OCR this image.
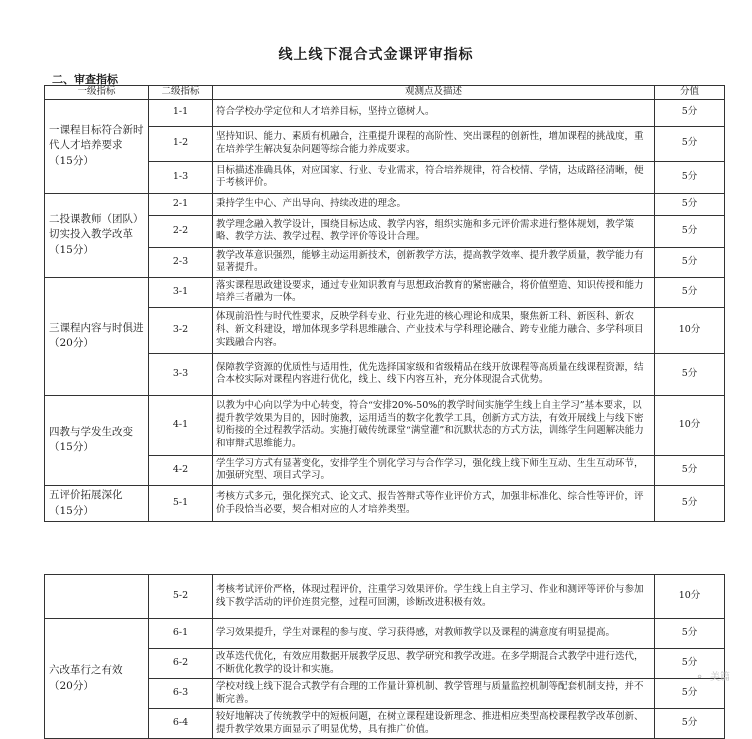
线上线下混合式金课评审指标
二、审查指标
一级指标	二级指标	观测点及描述	分值
一课程目标符合新时代人才培养要求（15分）	1-1	符合学校办学定位和人才培养目标，坚持立德树人。	5分
	1-2	坚持知识、能力、素质有机融合，注重提升课程的高阶性、突出课程的创新性，增加课程的挑战度，重在培养学生解决复杂问题等综合能力养成要求。	5分
	1-3	目标描述准确具体，对应国家、行业、专业需求，符合培养规律，符合校情、学情，达成路径清晰，便于考核评价。	5分
二投课教师（团队）切实投入教学改革（15分）	2-1	秉持学生中心、产出导向、持续改进的理念。	5分
	2-2	教学理念融入教学设计，围绕目标达成、教学内容，组织实施和多元评价需求进行整体规划，教学策略、教学方法、教学过程、教学评价等设计合理。	5分
	2-3	教学改革意识强烈，能够主动运用新技术，创新教学方法，提高教学效率、提升教学质量，教学能力有显著提升。	5分
三课程内容与时俱进（20分）	3-1	落实课程思政建设要求，通过专业知识教育与思想政治教育的紧密融合，将价值塑造、知识传授和能力培养三者融为一体。	5分
	3-2	体现前沿性与时代性要求，反映学科专业、行业先进的核心理论和成果，聚焦新工科、新医科、新农科、新文科建设，增加体现多学科思维融合、产业技术与学科理论融合、跨专业能力融合、多学科项目实践融合内容。	10分
	3-3	保障教学资源的优质性与适用性，优先选择国家级和省级精品在线开放课程等高质量在线课程资源，结合本校实际对课程内容进行优化，线上、线下内容互补，充分体现混合式优势。	5分
四教与学发生改变（15分）	4-1	以教为中心向以学为中心转变，符合“安排20%-50%的教学时间实施学生线上自主学习”基本要求，以提升教学效果为目的，因时施教，运用适当的数字化教学工具，创新方式方法，有效开展线上与线下密切衔接的全过程教学活动。实施打破传统课堂“满堂灌”和沉默状态的方式方法，训练学生问题解决能力和审辩式思维能力。	10分
	4-2	学生学习方式有显著变化，安排学生个别化学习与合作学习，强化线上线下师生互动、生生互动环节，加强研究型、项目式学习。	5分
五评价拓展深化（15分）	5-1	考核方式多元，强化探究式、论文式、报告答辩式等作业评价方式，加强非标准化、综合性等评价，评价手段恰当必要，契合相对应的人才培养类型。	5分
	5-2	考核考试评价严格，体现过程评价，注重学习效果评价。学生线上自主学习、作业和测评等评价与参加线下教学活动的评价连贯完整，过程可回溯，诊断改进积极有效。	10分
六改革行之有效（20分）	6-1	学习效果提升，学生对课程的参与度、学习获得感，对教师教学以及课程的满意度有明显提高。	5分
	6-2	改革迭代优化，有效应用数据开展教学反思、教学研究和教学改进。在多学期混合式教学中进行迭代，不断优化教学的设计和实施。	5分
	6-3	学校对线上线下混合式教学有合理的工作量计算机制、教学管理与质量监控机制等配套机制支持，并不断完善。	5分
	6-4	较好地解决了传统教学中的短板问题，在树立课程建设新理念、推进相应类型高校课程教学改革创新、提升教学效果方面显示了明显优势，具有推广价值。	5分
⚬ 美篇
